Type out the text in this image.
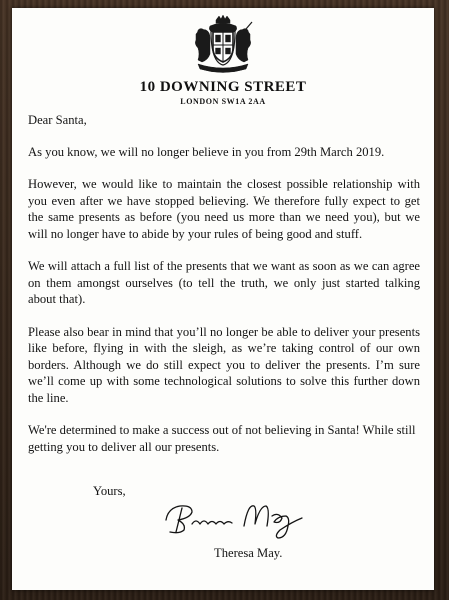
10 DOWNING STREET
LONDON SW1A 2AA

Dear Santa,

As you know, we will no longer believe in you from 29th March 2019.

However, we would like to maintain the closest possible relationship with you even after we have stopped believing. We therefore fully expect to get the same presents as before (you need us more than we need you), but we will no longer have to abide by your rules of being good and stuff.

We will attach a full list of the presents that we want as soon as we can agree on them amongst ourselves (to tell the truth, we only just started talking about that).

Please also bear in mind that you’ll no longer be able to deliver your presents like before, flying in with the sleigh, as we’re taking control of our own borders. Although we do still expect you to deliver the presents. I’m sure we’ll come up with some technological solutions to solve this further down the line.

We're determined to make a success out of not believing in Santa! While still getting you to deliver all our presents.

Yours,
Theresa May.
